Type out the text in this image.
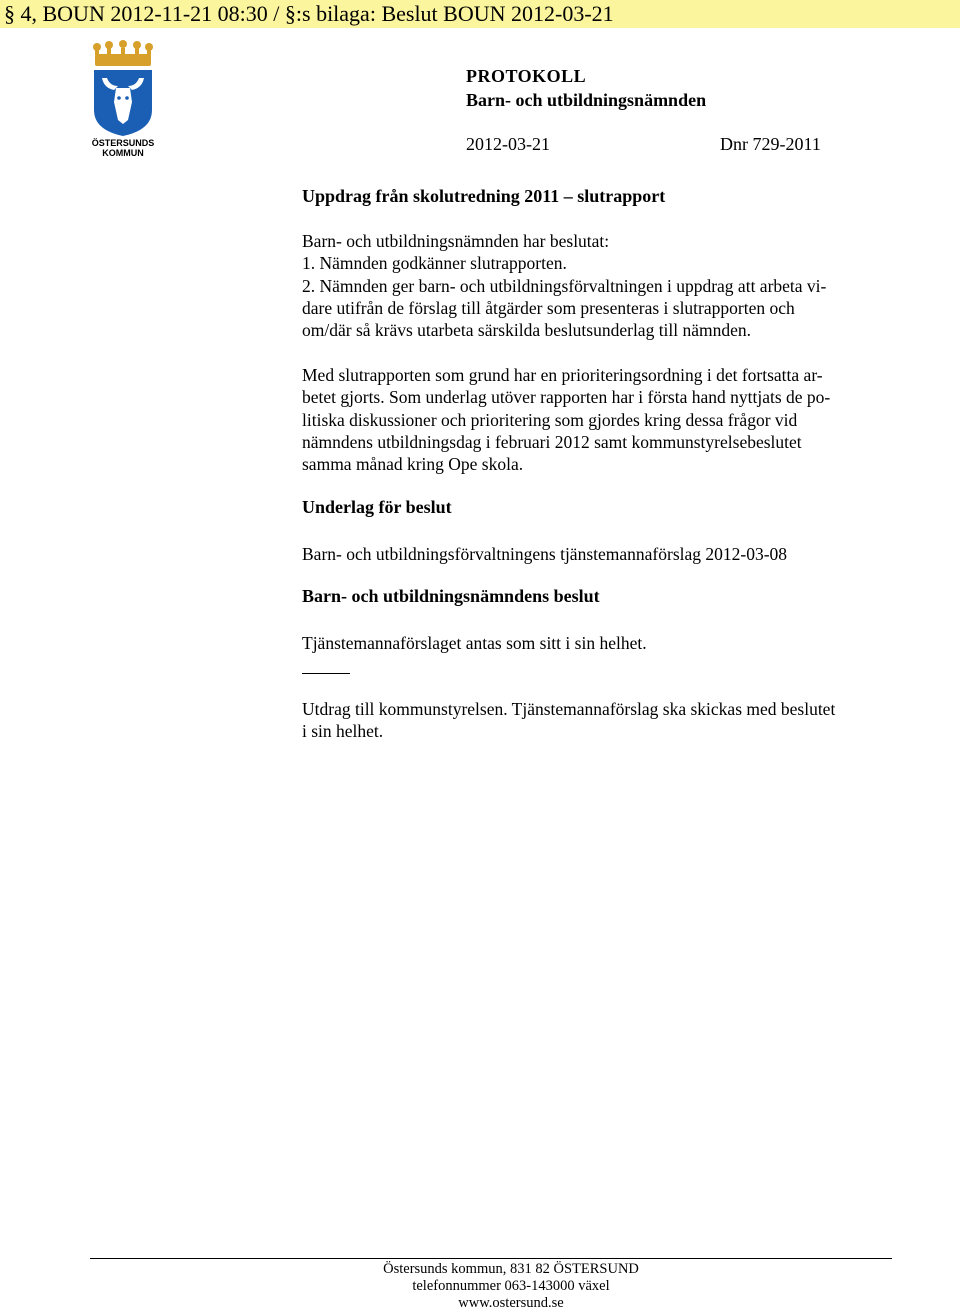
§ 4, BOUN 2012-11-21 08:30 / §:s bilaga: Beslut BOUN 2012-03-21
ÖSTERSUNDS
KOMMUN
PROTOKOLL
Barn- och utbildningsnämnden
2012-03-21	Dnr 729-2011
Uppdrag från skolutredning 2011 – slutrapport
Barn- och utbildningsnämnden har beslutat:
1. Nämnden godkänner slutrapporten.
2. Nämnden ger barn- och utbildningsförvaltningen i uppdrag att arbeta vi-
dare utifrån de förslag till åtgärder som presenteras i slutrapporten och
om/där så krävs utarbeta särskilda beslutsunderlag till nämnden.
Med slutrapporten som grund har en prioriteringsordning i det fortsatta ar-
betet gjorts. Som underlag utöver rapporten har i första hand nyttjats de po-
litiska diskussioner och prioritering som gjordes kring dessa frågor vid
nämndens utbildningsdag i februari 2012 samt kommunstyrelsebeslutet
samma månad kring Ope skola.
Underlag för beslut
Barn- och utbildningsförvaltningens tjänstemannaförslag 2012-03-08
Barn- och utbildningsnämndens beslut
Tjänstemannaförslaget antas som sitt i sin helhet.
Utdrag till kommunstyrelsen. Tjänstemannaförslag ska skickas med beslutet
i sin helhet.
Östersunds kommun, 831 82 ÖSTERSUND
telefonnummer 063-143000 växel
www.ostersund.se
